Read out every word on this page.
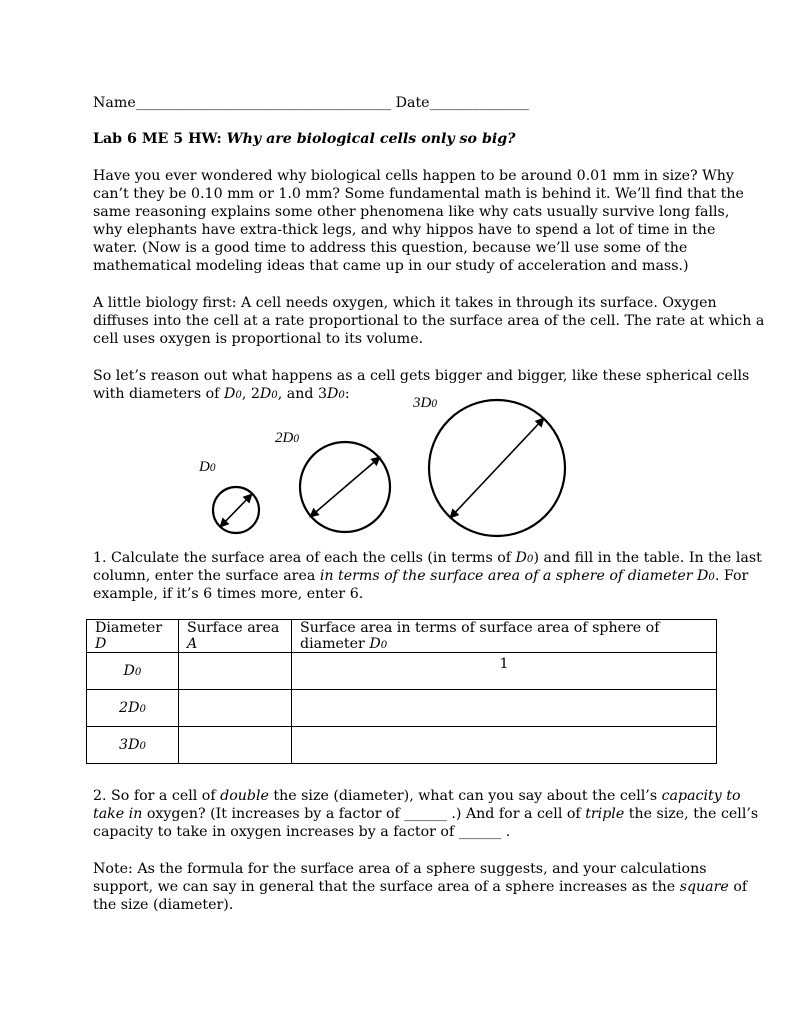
Name____________________________________ Date______________
Lab 6 ME 5 HW: Why are biological cells only so big?
Have you ever wondered why biological cells happen to be around 0.01 mm in size? Why
can’t they be 0.10 mm or 1.0 mm? Some fundamental math is behind it. We’ll find that the
same reasoning explains some other phenomena like why cats usually survive long falls,
why elephants have extra-thick legs, and why hippos have to spend a lot of time in the
water. (Now is a good time to address this question, because we’ll use some of the
mathematical modeling ideas that came up in our study of acceleration and mass.)
A little biology first: A cell needs oxygen, which it takes in through its surface. Oxygen
diffuses into the cell at a rate proportional to the surface area of the cell. The rate at which a
cell uses oxygen is proportional to its volume.
So let’s reason out what happens as a cell gets bigger and bigger, like these spherical cells
with diameters of D0, 2D0, and 3D0:
D0
2D0
3D0
1. Calculate the surface area of each the cells (in terms of D0) and fill in the table. In the last
column, enter the surface area in terms of the surface area of a sphere of diameter D0. For
example, if it’s 6 times more, enter 6.
Diameter D	Surface area A	Surface area in terms of surface area of sphere of diameter D0
D0		1
2D0		
3D0		
2. So for a cell of double the size (diameter), what can you say about the cell’s capacity to
take in oxygen? (It increases by a factor of ______ .) And for a cell of triple the size, the cell’s
capacity to take in oxygen increases by a factor of ______ .
Note: As the formula for the surface area of a sphere suggests, and your calculations
support, we can say in general that the surface area of a sphere increases as the square of
the size (diameter).
